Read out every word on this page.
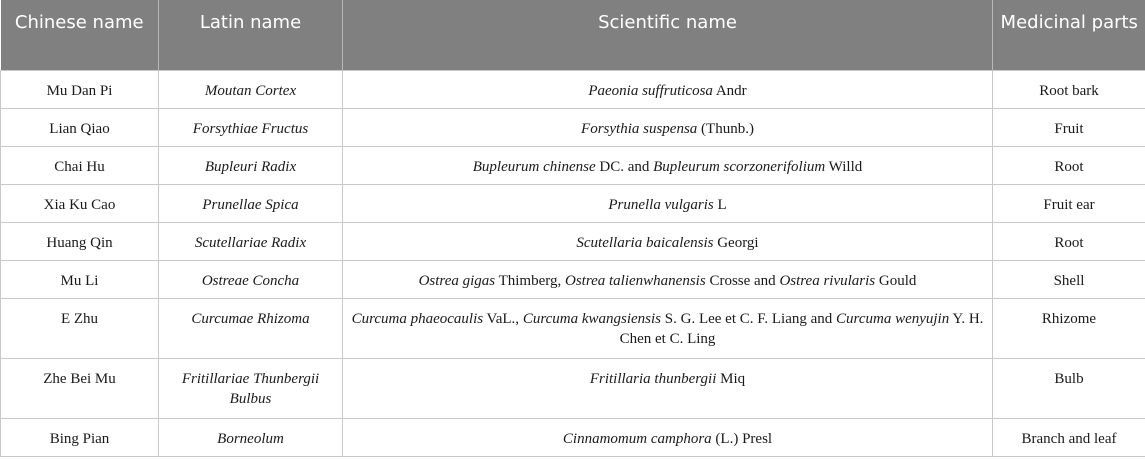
Chinese name	Latin name	Scientific name	Medicinal parts
Mu Dan Pi	Moutan Cortex	Paeonia suffruticosa Andr	Root bark
Lian Qiao	Forsythiae Fructus	Forsythia suspensa (Thunb.)	Fruit
Chai Hu	Bupleuri Radix	Bupleurum chinense DC. and Bupleurum scorzonerifolium Willd	Root
Xia Ku Cao	Prunellae Spica	Prunella vulgaris L	Fruit ear
Huang Qin	Scutellariae Radix	Scutellaria baicalensis Georgi	Root
Mu Li	Ostreae Concha	Ostrea gigas Thimberg, Ostrea talienwhanensis Crosse and Ostrea rivularis Gould	Shell
E Zhu	Curcumae Rhizoma	Curcuma phaeocaulis VaL., Curcuma kwangsiensis S. G. Lee et C. F. Liang and Curcuma wenyujin Y. H. Chen et C. Ling	Rhizome
Zhe Bei Mu	Fritillariae Thunbergii Bulbus	Fritillaria thunbergii Miq	Bulb
Bing Pian	Borneolum	Cinnamomum camphora (L.) Presl	Branch and leaf
